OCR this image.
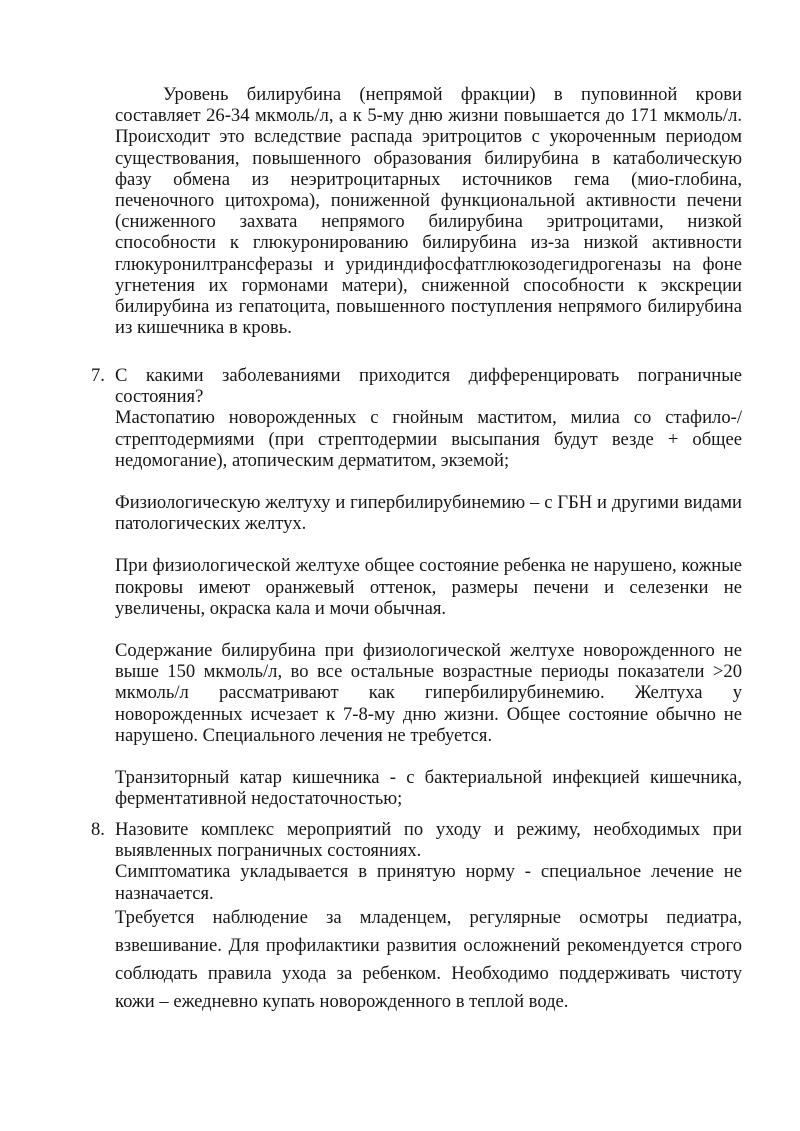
Уровень билирубина (непрямой фракции) в пуповинной крови составляет 26-34 мкмоль/л, а к 5-му дню жизни повышается до 171 мкмоль/л. Происходит это вследствие распада эритроцитов с укороченным периодом существования, повышенного образования билирубина в катаболическую фазу обмена из неэритроцитарных источников гема (мио-глобина, печеночного цитохрома), пониженной функциональной активности печени (сниженного захвата непрямого билирубина эритроцитами, низкой способности к глюкуронированию билирубина из-за низкой активности глюкуронилтрансферазы и уридиндифосфатглюкозодегидрогеназы на фоне угнетения их гормонами матери), сниженной способности к экскреции билирубина из гепатоцита, повышенного поступления непрямого билирубина из кишечника в кровь.

7. С какими заболеваниями приходится дифференцировать пограничные состояния?

Мастопатию новорожденных с гнойным маститом, милиа со стафило-/стрептодермиями (при стрептодермии высыпания будут везде + общее недомогание), атопическим дерматитом, экземой;

Физиологическую желтуху и гипербилирубинемию – с ГБН и другими видами патологических желтух.

При физиологической желтухе общее состояние ребенка не нарушено, кожные покровы имеют оранжевый оттенок, размеры печени и селезенки не увеличены, окраска кала и мочи обычная.

Содержание билирубина при физиологической желтухе новорожденного не выше 150 мкмоль/л, во все остальные возрастные периоды показатели >20 мкмоль/л рассматривают как гипербилирубинемию. Желтуха у новорожденных исчезает к 7-8-му дню жизни. Общее состояние обычно не нарушено. Специального лечения не требуется.

Транзиторный катар кишечника - с бактериальной инфекцией кишечника, ферментативной недостаточностью;

8. Назовите комплекс мероприятий по уходу и режиму, необходимых при выявленных пограничных состояниях.

Симптоматика укладывается в принятую норму - специальное лечение не назначается.

Требуется наблюдение за младенцем, регулярные осмотры педиатра, взвешивание. Для профилактики развития осложнений рекомендуется строго соблюдать правила ухода за ребенком. Необходимо поддерживать чистоту кожи – ежедневно купать новорожденного в теплой воде.
